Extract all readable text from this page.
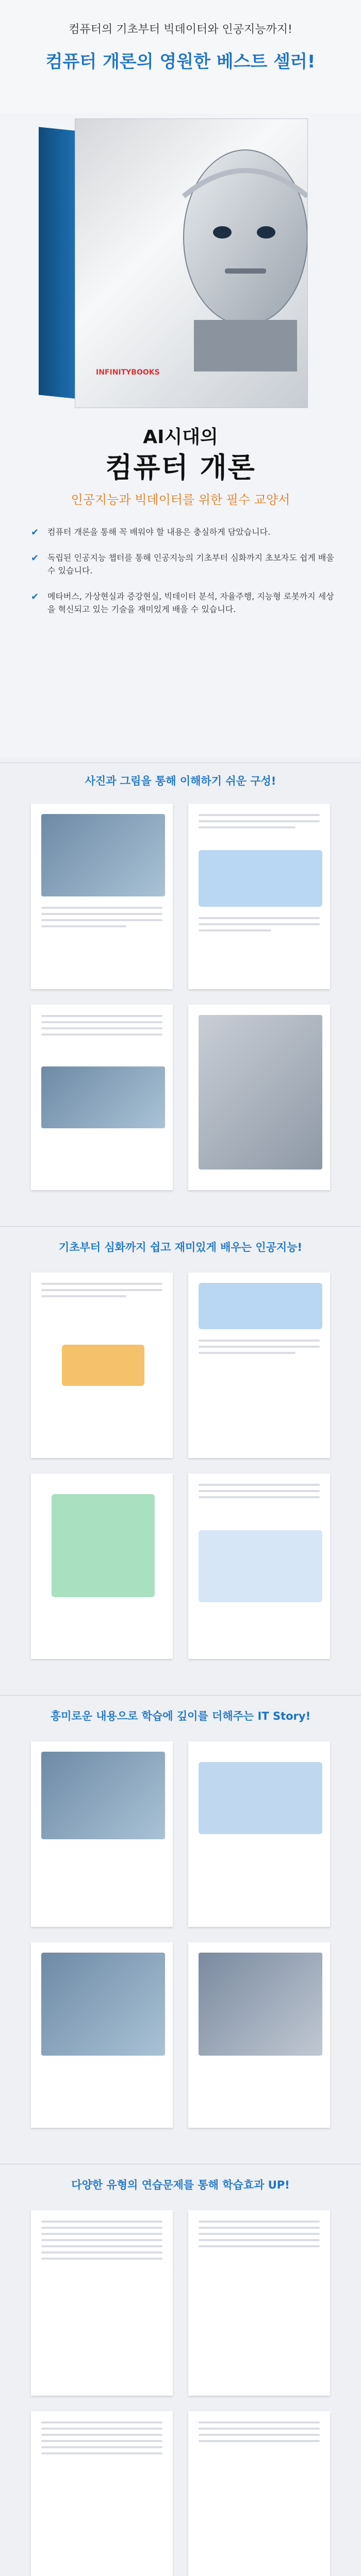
컴퓨터의 기초부터 빅데이터와 인공지능까지!
컴퓨터 개론의 영원한 베스트 셀러!
INFINITYBOOKS
AI시대의
컴퓨터 개론
인공지능과 빅데이터를 위한 필수 교양서
✔	컴퓨터 개론을 통해 꼭 배워야 할 내용은 충실하게 담았습니다.
✔	독립된 인공지능 챕터를 통해 인공지능의 기초부터 심화까지 초보자도 쉽게 배울 수 있습니다.
✔	메타버스, 가상현실과 증강현실, 빅데이터 분석, 자율주행, 지능형 로봇까지 세상을 혁신되고 있는 기술을 재미있게 배울 수 있습니다.
사진과 그림을 통해 이해하기 쉬운 구성!
기초부터 심화까지 쉽고 재미있게 배우는 인공지능!
흥미로운 내용으로 학습에 깊이를 더해주는 IT Story!
다양한 유형의 연습문제를 통해 학습효과 UP!
